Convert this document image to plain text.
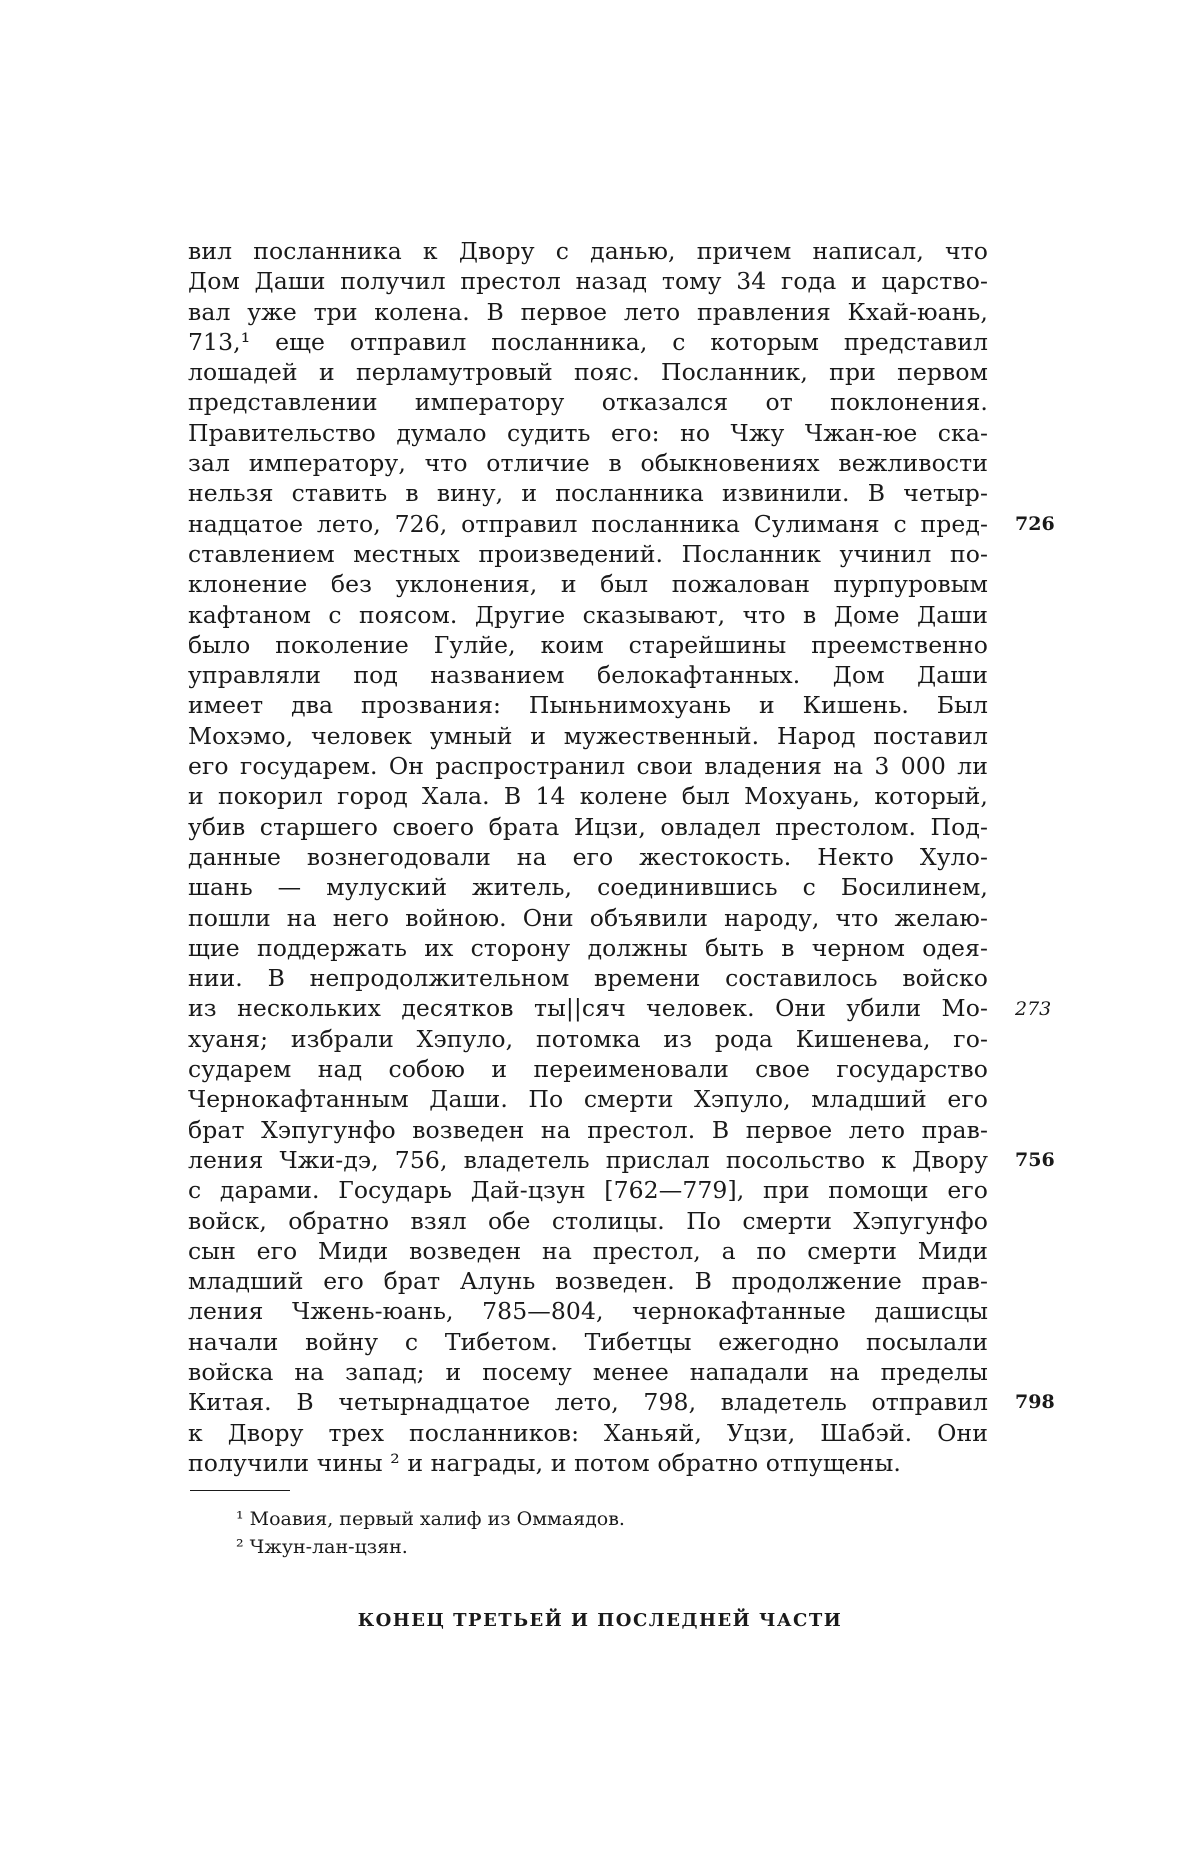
вил посланника к Двору с данью, причем написал, что
Дом Даши получил престол назад тому 34 года и царство-
вал уже три колена. В первое лето правления Кхай-юань,
713,¹ еще отправил посланника, с которым представил
лошадей и перламутровый пояс. Посланник, при первом
представлении императору отказался от поклонения.
Правительство думало судить его: но Чжу Чжан-юе ска-
зал императору, что отличие в обыкновениях вежливости
нельзя ставить в вину, и посланника извинили. В четыр-
надцатое лето, 726, отправил посланника Сулиманя с пред-
ставлением местных произведений. Посланник учинил по-
клонение без уклонения, и был пожалован пурпуровым
кафтаном с поясом. Другие сказывают, что в Доме Даши
было поколение Гулйе, коим старейшины преемственно
управляли под названием белокафтанных. Дом Даши
имеет два прозвания: Пыньнимохуань и Кишень. Был
Мохэмо, человек умный и мужественный. Народ поставил
его государем. Он распространил свои владения на 3 000 ли
и покорил город Хала. В 14 колене был Мохуань, который,
убив старшего своего брата Ицзи, овладел престолом. Под-
данные вознегодовали на его жестокость. Некто Хуло-
шань — мулуский житель, соединившись с Босилинем,
пошли на него войною. Они объявили народу, что желаю-
щие поддержать их сторону должны быть в черном одея-
нии. В непродолжительном времени составилось войско
из нескольких десятков ты||сяч человек. Они убили Мо-
хуаня; избрали Хэпуло, потомка из рода Кишенева, го-
сударем над собою и переименовали свое государство
Чернокафтанным Даши. По смерти Хэпуло, младший его
брат Хэпугунфо возведен на престол. В первое лето прав-
ления Чжи-дэ, 756, владетель прислал посольство к Двору
с дарами. Государь Дай-цзун [762—779], при помощи его
войск, обратно взял обе столицы. По смерти Хэпугунфо
сын его Миди возведен на престол, а по смерти Миди
младший его брат Алунь возведен. В продолжение прав-
ления Чжень-юань, 785—804, чернокафтанные дашисцы
начали войну с Тибетом. Тибетцы ежегодно посылали
войска на запад; и посему менее нападали на пределы
Китая. В четырнадцатое лето, 798, владетель отправил
к Двору трех посланников: Ханьяй, Уцзи, Шабэй. Они
получили чины ² и награды, и потом обратно отпущены.
726
273
756
798
¹ Моавия, первый халиф из Оммаядов.
² Чжун-лан-цзян.
КОНЕЦ ТРЕТЬЕЙ И ПОСЛЕДНЕЙ ЧАСТИ
